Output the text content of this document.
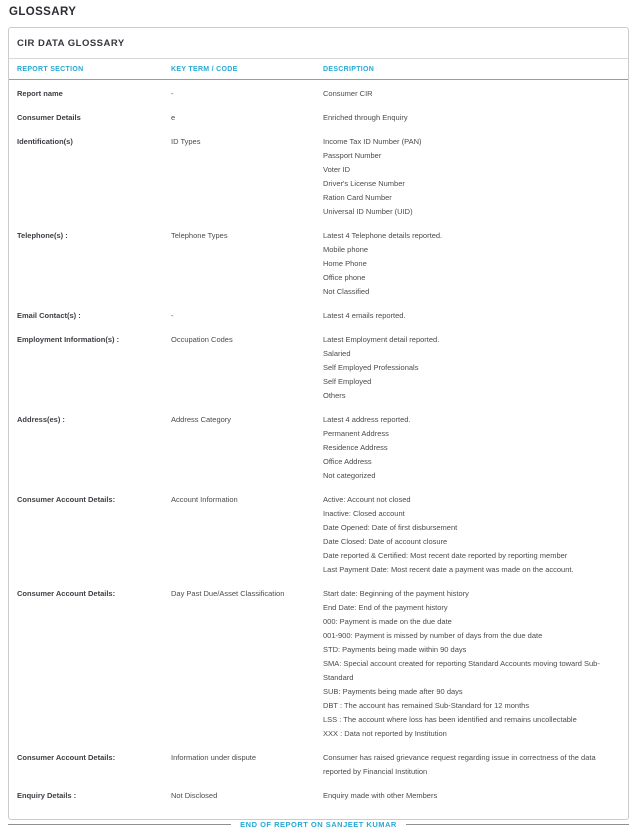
GLOSSARY
CIR DATA GLOSSARY
REPORT SECTION	KEY TERM / CODE	DESCRIPTION
Report name	-	Consumer CIR
Consumer Details	e	Enriched through Enquiry
Identification(s)	ID Types	Income Tax ID Number (PAN)
Passport Number
Voter ID
Driver's License Number
Ration Card Number
Universal ID Number (UID)
Telephone(s) :	Telephone Types	Latest 4 Telephone details reported.
Mobile phone
Home Phone
Office phone
Not Classified
Email Contact(s) :	-	Latest 4 emails reported.
Employment Information(s) :	Occupation Codes	Latest Employment detail reported.
Salaried
Self Employed Professionals
Self Employed
Others
Address(es) :	Address Category	Latest 4 address reported.
Permanent Address
Residence Address
Office Address
Not categorized
Consumer Account Details:	Account Information	Active: Account not closed
Inactive: Closed account
Date Opened: Date of first disbursement
Date Closed: Date of account closure
Date reported & Certified: Most recent date reported by reporting member
Last Payment Date: Most recent date a payment was made on the account.
Consumer Account Details:	Day Past Due/Asset Classification	Start date: Beginning of the payment history
End Date: End of the payment history
000: Payment is made on the due date
001-900: Payment is missed by number of days from the due date
STD: Payments being made within 90 days
SMA: Special account created for reporting Standard Accounts moving toward Sub-Standard
SUB: Payments being made after 90 days
DBT : The account has remained Sub-Standard for 12 months
LSS : The account where loss has been identified and remains uncollectable
XXX : Data not reported by Institution
Consumer Account Details:	Information under dispute	Consumer has raised grievance request regarding issue in correctness of the data reported by Financial Institution
Enquiry Details :	Not Disclosed	Enquiry made with other Members
END OF REPORT ON SANJEET KUMAR
